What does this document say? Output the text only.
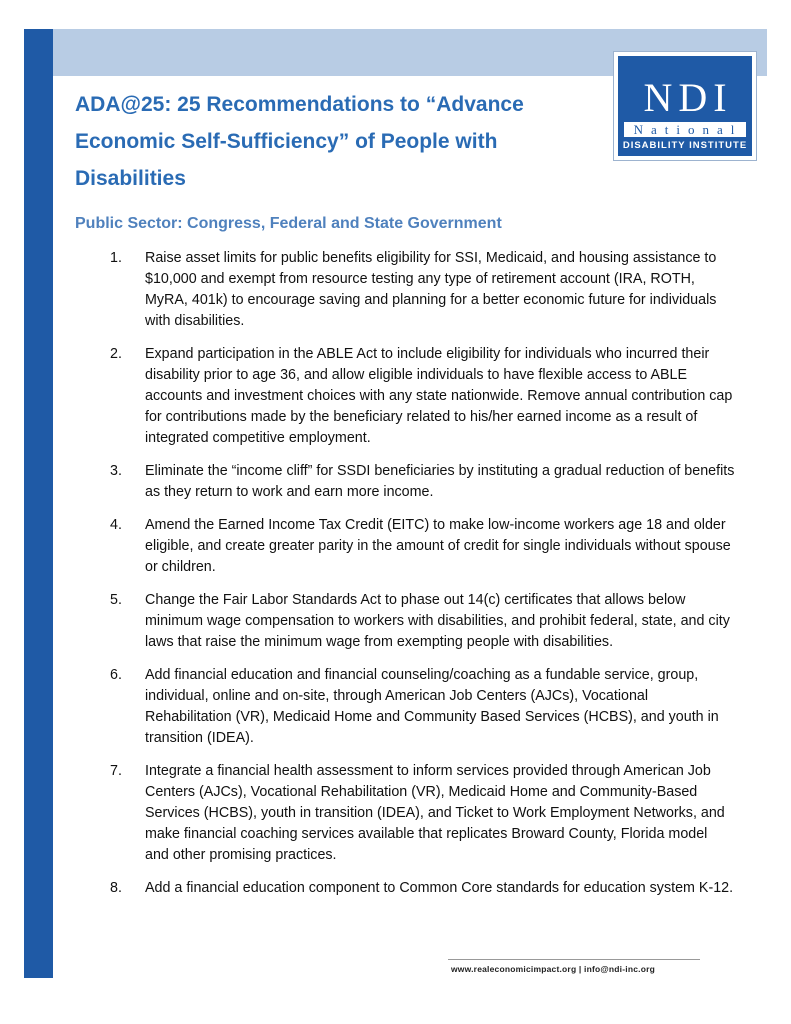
NDI
National
DISABILITY INSTITUTE
ADA@25: 25 Recommendations to “Advance Economic Self-Sufficiency” of People with Disabilities
Public Sector: Congress, Federal and State Government
1. Raise asset limits for public benefits eligibility for SSI, Medicaid, and housing assistance to $10,000 and exempt from resource testing any type of retirement account (IRA, ROTH, MyRA, 401k) to encourage saving and planning for a better economic future for individuals with disabilities.
2. Expand participation in the ABLE Act to include eligibility for individuals who incurred their disability prior to age 36, and allow eligible individuals to have flexible access to ABLE accounts and investment choices with any state nationwide. Remove annual contribution cap for contributions made by the beneficiary related to his/her earned income as a result of integrated competitive employment.
3. Eliminate the “income cliff” for SSDI beneficiaries by instituting a gradual reduction of benefits as they return to work and earn more income.
4. Amend the Earned Income Tax Credit (EITC) to make low-income workers age 18 and older eligible, and create greater parity in the amount of credit for single individuals without spouse or children.
5. Change the Fair Labor Standards Act to phase out 14(c) certificates that allows below minimum wage compensation to workers with disabilities, and prohibit federal, state, and city laws that raise the minimum wage from exempting people with disabilities.
6. Add financial education and financial counseling/coaching as a fundable service, group, individual, online and on-site, through American Job Centers (AJCs), Vocational Rehabilitation (VR), Medicaid Home and Community Based Services (HCBS), and youth in transition (IDEA).
7. Integrate a financial health assessment to inform services provided through American Job Centers (AJCs), Vocational Rehabilitation (VR), Medicaid Home and Community-Based Services (HCBS), youth in transition (IDEA), and Ticket to Work Employment Networks, and make financial coaching services available that replicates Broward County, Florida model and other promising practices.
8. Add a financial education component to Common Core standards for education system K-12.
www.realeconomicimpact.org | info@ndi-inc.org
